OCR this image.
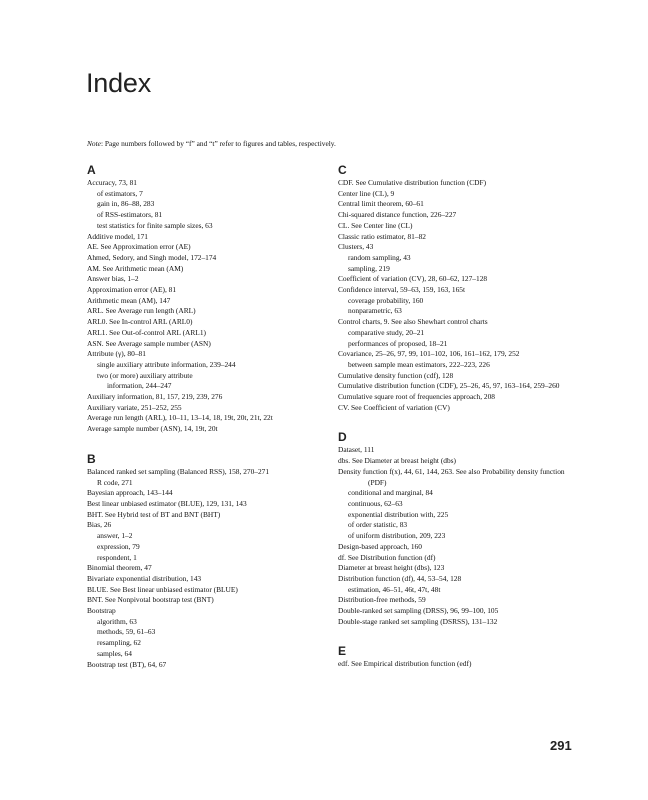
Index
Note: Page numbers followed by “f” and “t” refer to figures and tables, respectively.
A
Accuracy, 73, 81
of estimators, 7
gain in, 86–88, 283
of RSS-estimators, 81
test statistics for finite sample sizes, 63
Additive model, 171
AE. See Approximation error (AE)
Ahmed, Sedory, and Singh model, 172–174
AM. See Arithmetic mean (AM)
Answer bias, 1–2
Approximation error (AE), 81
Arithmetic mean (AM), 147
ARL. See Average run length (ARL)
ARL0. See In-control ARL (ARL0)
ARL1. See Out-of-control ARL (ARL1)
ASN. See Average sample number (ASN)
Attribute (γ), 80–81
single auxiliary attribute information, 239–244
two (or more) auxiliary attribute
information, 244–247
Auxiliary information, 81, 157, 219, 239, 276
Auxiliary variate, 251–252, 255
Average run length (ARL), 10–11, 13–14, 18, 19t, 20t, 21t, 22t
Average sample number (ASN), 14, 19t, 20t
B
Balanced ranked set sampling (Balanced RSS), 158, 270–271
R code, 271
Bayesian approach, 143–144
Best linear unbiased estimator (BLUE), 129, 131, 143
BHT. See Hybrid test of BT and BNT (BHT)
Bias, 26
answer, 1–2
expression, 79
respondent, 1
Binomial theorem, 47
Bivariate exponential distribution, 143
BLUE. See Best linear unbiased estimator (BLUE)
BNT. See Nonpivotal bootstrap test (BNT)
Bootstrap
algorithm, 63
methods, 59, 61–63
resampling, 62
samples, 64
Bootstrap test (BT), 64, 67
C
CDF. See Cumulative distribution function (CDF)
Center line (CL), 9
Central limit theorem, 60–61
Chi-squared distance function, 226–227
CL. See Center line (CL)
Classic ratio estimator, 81–82
Clusters, 43
random sampling, 43
sampling, 219
Coefficient of variation (CV), 28, 60–62, 127–128
Confidence interval, 59–63, 159, 163, 165t
coverage probability, 160
nonparametric, 63
Control charts, 9. See also Shewhart control charts
comparative study, 20–21
performances of proposed, 18–21
Covariance, 25–26, 97, 99, 101–102, 106, 161–162, 179, 252
between sample mean estimators, 222–223, 226
Cumulative density function (cdf), 128
Cumulative distribution function (CDF), 25–26, 45, 97, 163–164, 259–260
Cumulative square root of frequencies approach, 208
CV. See Coefficient of variation (CV)
D
Dataset, 111
dbs. See Diameter at breast height (dbs)
Density function f(x), 44, 61, 144, 263. See also Probability density function (PDF)
conditional and marginal, 84
continuous, 62–63
exponential distribution with, 225
of order statistic, 83
of uniform distribution, 209, 223
Design-based approach, 160
df. See Distribution function (df)
Diameter at breast height (dbs), 123
Distribution function (df), 44, 53–54, 128
estimation, 46–51, 46t, 47t, 48t
Distribution-free methods, 59
Double-ranked set sampling (DRSS), 96, 99–100, 105
Double-stage ranked set sampling (DSRSS), 131–132
E
edf. See Empirical distribution function (edf)
291
